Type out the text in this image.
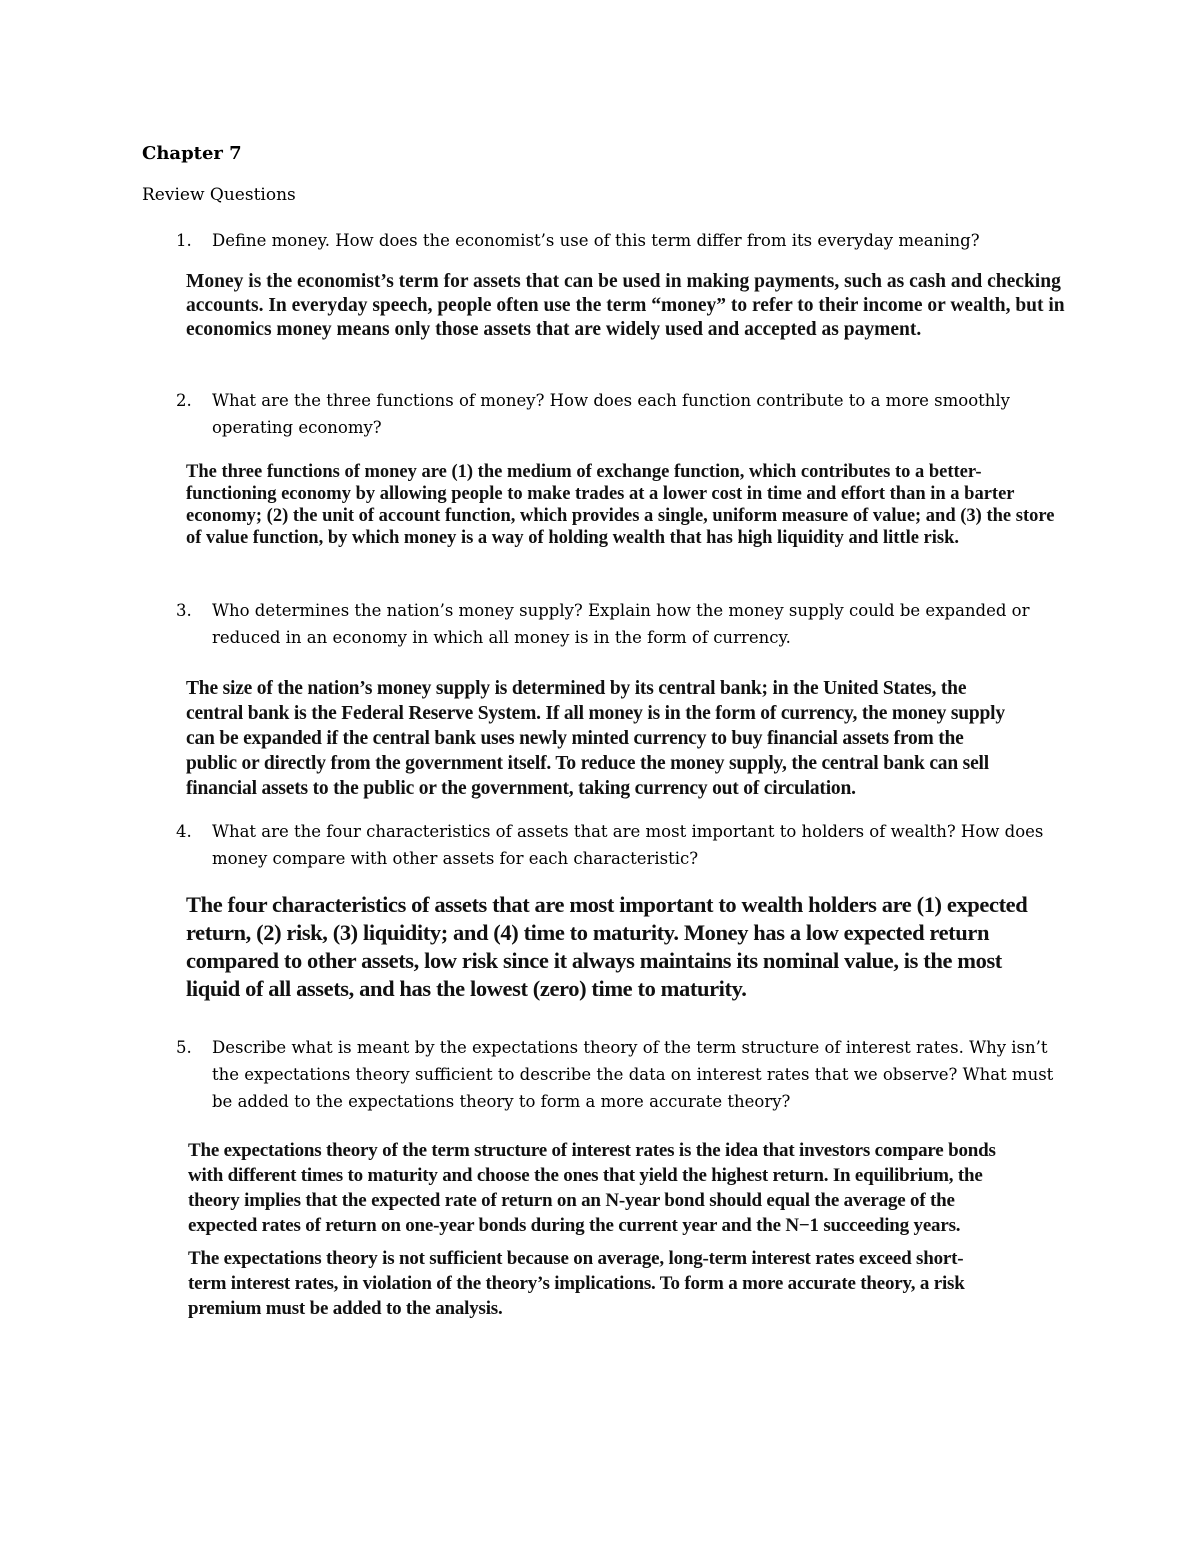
Chapter 7

Review Questions

1.	Define money. How does the economist’s use of this term differ from its everyday meaning?

Money is the economist’s term for assets that can be used in making payments, such as cash and checking accounts. In everyday speech, people often use the term “money” to refer to their income or wealth, but in economics money means only those assets that are widely used and accepted as payment.

2.	What are the three functions of money? How does each function contribute to a more smoothly operating economy?

The three functions of money are (1) the medium of exchange function, which contributes to a better-functioning economy by allowing people to make trades at a lower cost in time and effort than in a barter economy; (2) the unit of account function, which provides a single, uniform measure of value; and (3) the store of value function, by which money is a way of holding wealth that has high liquidity and little risk.

3.	Who determines the nation’s money supply? Explain how the money supply could be expanded or reduced in an economy in which all money is in the form of currency.

The size of the nation’s money supply is determined by its central bank; in the United States, the central bank is the Federal Reserve System. If all money is in the form of currency, the money supply can be expanded if the central bank uses newly minted currency to buy financial assets from the public or directly from the government itself. To reduce the money supply, the central bank can sell financial assets to the public or the government, taking currency out of circulation.

4.	What are the four characteristics of assets that are most important to holders of wealth? How does money compare with other assets for each characteristic?

The four characteristics of assets that are most important to wealth holders are (1) expected return, (2) risk, (3) liquidity; and (4) time to maturity. Money has a low expected return compared to other assets, low risk since it always maintains its nominal value, is the most liquid of all assets, and has the lowest (zero) time to maturity.

5.	Describe what is meant by the expectations theory of the term structure of interest rates. Why isn’t the expectations theory sufficient to describe the data on interest rates that we observe? What must be added to the expectations theory to form a more accurate theory?

The expectations theory of the term structure of interest rates is the idea that investors compare bonds with different times to maturity and choose the ones that yield the highest return. In equilibrium, the theory implies that the expected rate of return on an N-year bond should equal the average of the expected rates of return on one-year bonds during the current year and the N−1 succeeding years.

The expectations theory is not sufficient because on average, long-term interest rates exceed short-term interest rates, in violation of the theory’s implications. To form a more accurate theory, a risk premium must be added to the analysis.
